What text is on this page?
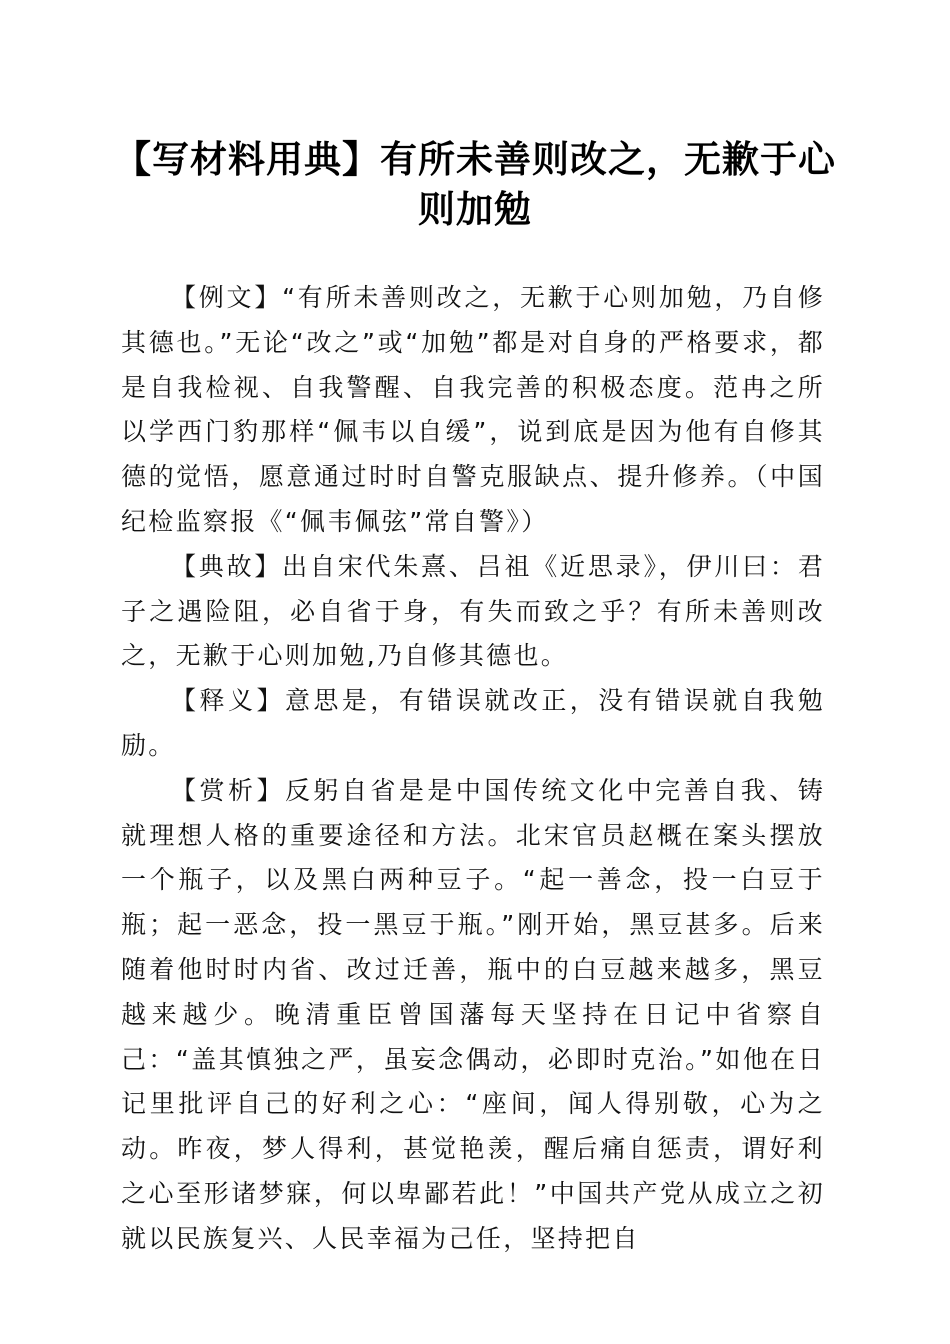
【写材料用典】有所未善则改之，无歉于心则加勉

【例文】“有所未善则改之，无歉于心则加勉，乃自修其德也。”无论“改之”或“加勉”都是对自身的严格要求，都是自我检视、自我警醒、自我完善的积极态度。范冉之所以学西门豹那样“佩韦以自缓”，说到底是因为他有自修其德的觉悟，愿意通过时时自警克服缺点、提升修养。（中国纪检监察报《“佩韦佩弦”常自警》）

【典故】出自宋代朱熹、吕祖《近思录》，伊川曰：君子之遇险阻，必自省于身，有失而致之乎？有所未善则改之，无歉于心则加勉,乃自修其德也。

【释义】意思是，有错误就改正，没有错误就自我勉励。

【赏析】反躬自省是是中国传统文化中完善自我、铸就理想人格的重要途径和方法。北宋官员赵概在案头摆放一个瓶子，以及黑白两种豆子。“起一善念，投一白豆于瓶；起一恶念，投一黑豆于瓶。”刚开始，黑豆甚多。后来随着他时时内省、改过迁善，瓶中的白豆越来越多，黑豆越来越少。晚清重臣曾国藩每天坚持在日记中省察自己：“盖其慎独之严，虽妄念偶动，必即时克治。”如他在日记里批评自己的好利之心：“座间，闻人得别敬，心为之动。昨夜，梦人得利，甚觉艳羡，醒后痛自惩责，谓好利之心至形诸梦寐，何以卑鄙若此！”中国共产党从成立之初就以民族复兴、人民幸福为己任，坚持把自
